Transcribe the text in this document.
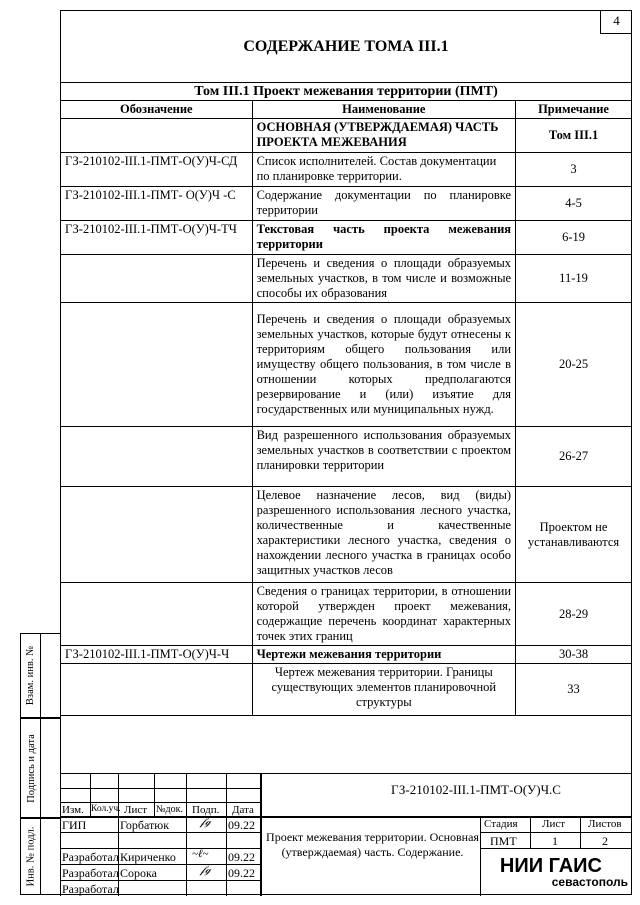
4
СОДЕРЖАНИЕ ТОМА III.1
Том III.1 Проект межевания территории (ПМТ)		
Обозначение	Наименование	Примечание
	ОСНОВНАЯ (УТВЕРЖДАЕМАЯ) ЧАСТЬ ПРОЕКТА МЕЖЕВАНИЯ	Том III.1
ГЗ-210102-III.1-ПМТ-О(У)Ч-СД	Список исполнителей. Состав документации по планировке территории.	3
ГЗ-210102-III.1-ПМТ- О(У)Ч -С	Содержание документации по планировке территории	4-5
ГЗ-210102-III.1-ПМТ-О(У)Ч-ТЧ	Текстовая часть проекта межевания территории	6-19
	Перечень и сведения о площади образуемых земельных участков, в том числе и возможные способы их образования	11-19
	Перечень и сведения о площади образуемых земельных участков, которые будут отнесены к территориям общего пользования или имуществу общего пользования, в том числе в отношении которых предполагаются резервирование и (или) изъятие для государственных или муниципальных нужд.	20-25
	Вид разрешенного использования образуемых земельных участков в соответствии с проектом планировки территории	26-27
	Целевое назначение лесов, вид (виды) разрешенного использования лесного участка, количественные и качественные характеристики лесного участка, сведения о нахождении лесного участка в границах особо защитных участков лесов	Проектом не устанавливаются
	Сведения о границах территории, в отношении которой утвержден проект межевания, содержащие перечень координат характерных точек этих границ	28-29
ГЗ-210102-III.1-ПМТ-О(У)Ч-Ч	Чертежи межевания территории	30-38
	Чертеж межевания территории. Границы существующих элементов планировочной структуры	33
Взам. инв. №
Подпись и дата
Инв. № подл.
Изм. Кол.уч. Лист №док. Подп. Дата
ГЗ-210102-III.1-ПМТ-О(У)Ч.С
ГИП	Горбатюк	𝒻ℊ 09.22
Разработал Кириченко ~ℓ~ 09.22
Разработал Сорока	𝒻ℊ 09.22
Разработал
Проект межевания территории. Основная (утверждаемая) часть. Содержание.
Стадия Лист Листов
ПМТ	1	2
НИИ ГАИС
севастополь
